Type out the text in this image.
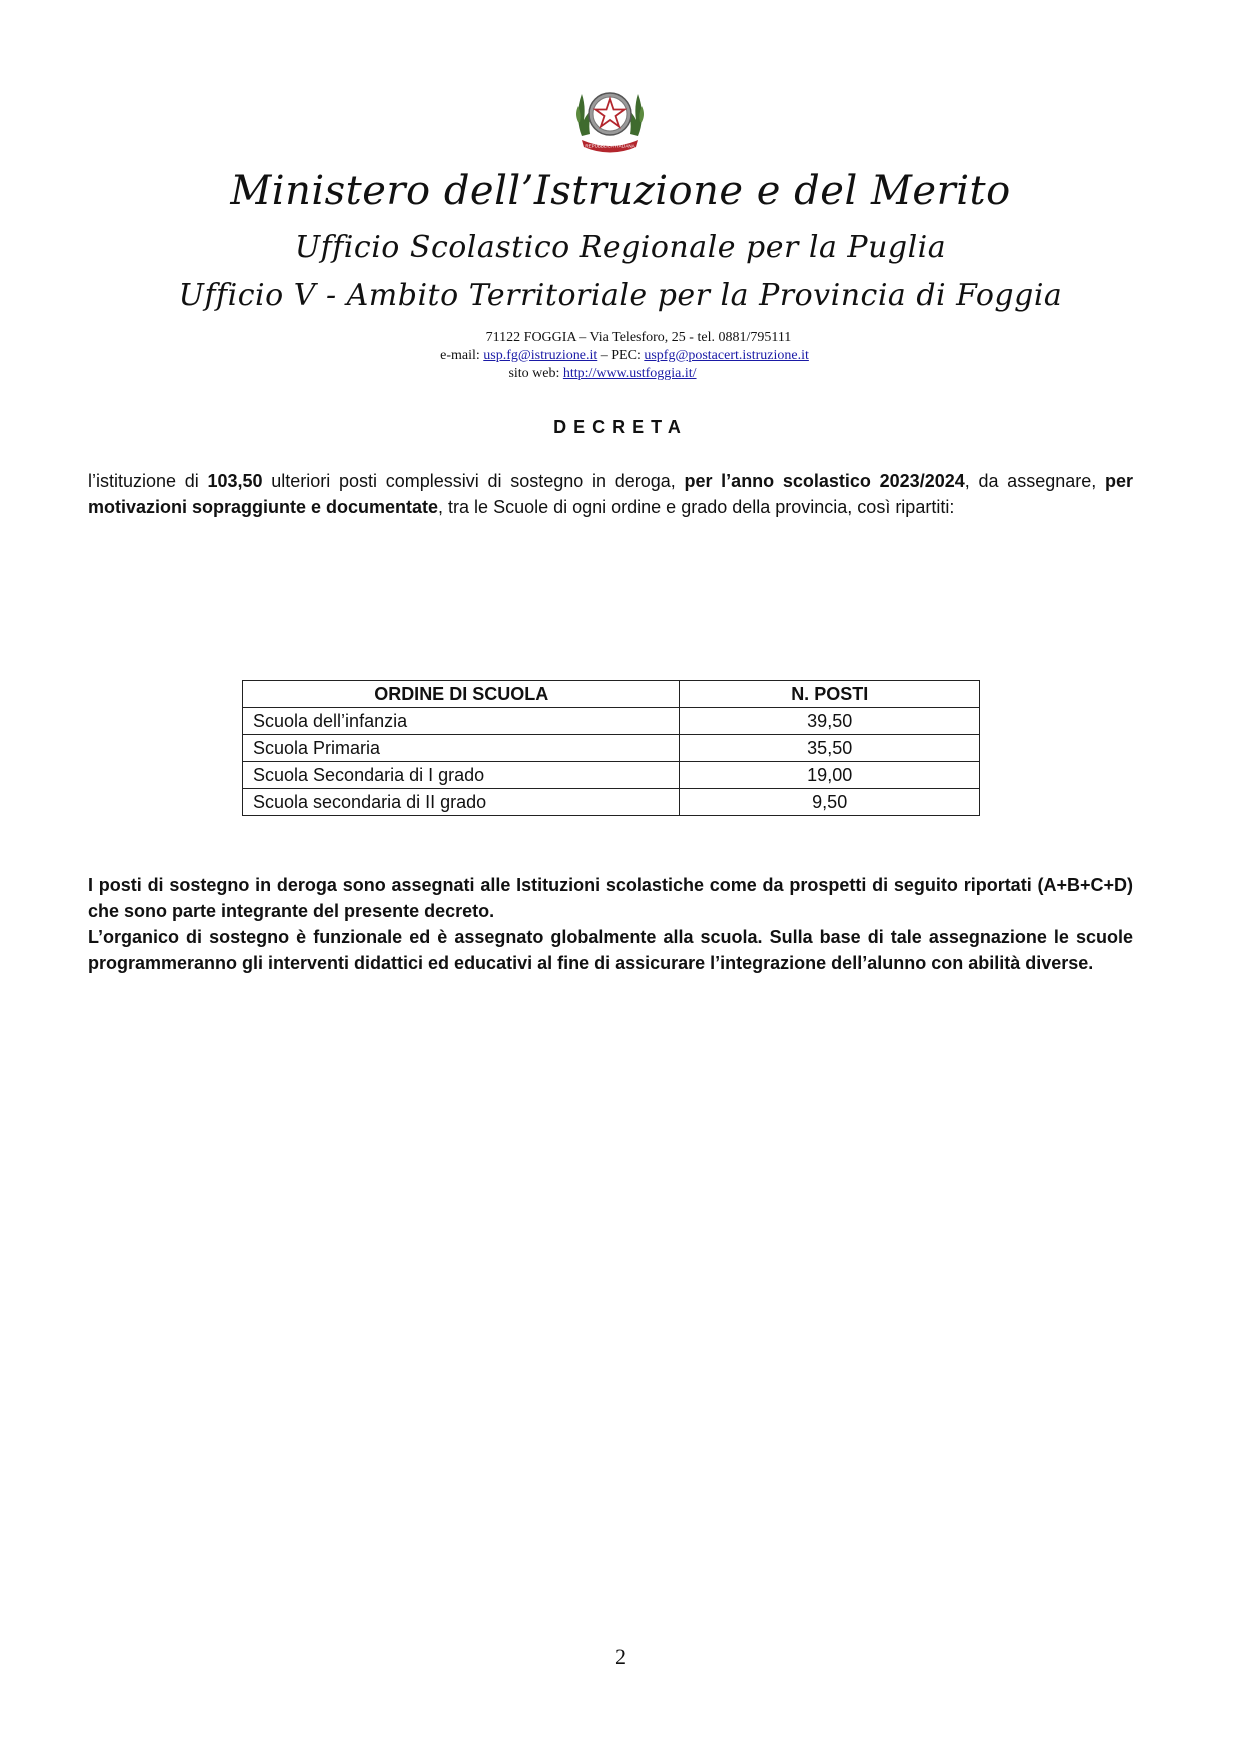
REPUBBLICA ITALIANA
Ministero dell’Istruzione e del Merito
Ufficio Scolastico Regionale per la Puglia
Ufficio V - Ambito Territoriale per la Provincia di Foggia
71122 FOGGIA – Via Telesforo, 25 - tel. 0881/795111
e-mail: usp.fg@istruzione.it – PEC: uspfg@postacert.istruzione.it
sito web: http://www.ustfoggia.it/
DECRETA
l’istituzione di 103,50 ulteriori posti complessivi di sostegno in deroga, per l’anno scolastico 2023/2024, da assegnare, per motivazioni sopraggiunte e documentate, tra le Scuole di ogni ordine e grado della provincia, così ripartiti:
ORDINE DI SCUOLA	N. POSTI
Scuola dell’infanzia	39,50
Scuola Primaria	35,50
Scuola Secondaria di I grado	19,00
Scuola secondaria di II grado	9,50
I posti di sostegno in deroga sono assegnati alle Istituzioni scolastiche come da prospetti di seguito riportati (A+B+C+D) che sono parte integrante del presente decreto.
L’organico di sostegno è funzionale ed è assegnato globalmente alla scuola. Sulla base di tale assegnazione le scuole programmeranno gli interventi didattici ed educativi al fine di assicurare l’integrazione dell’alunno con abilità diverse.
2
